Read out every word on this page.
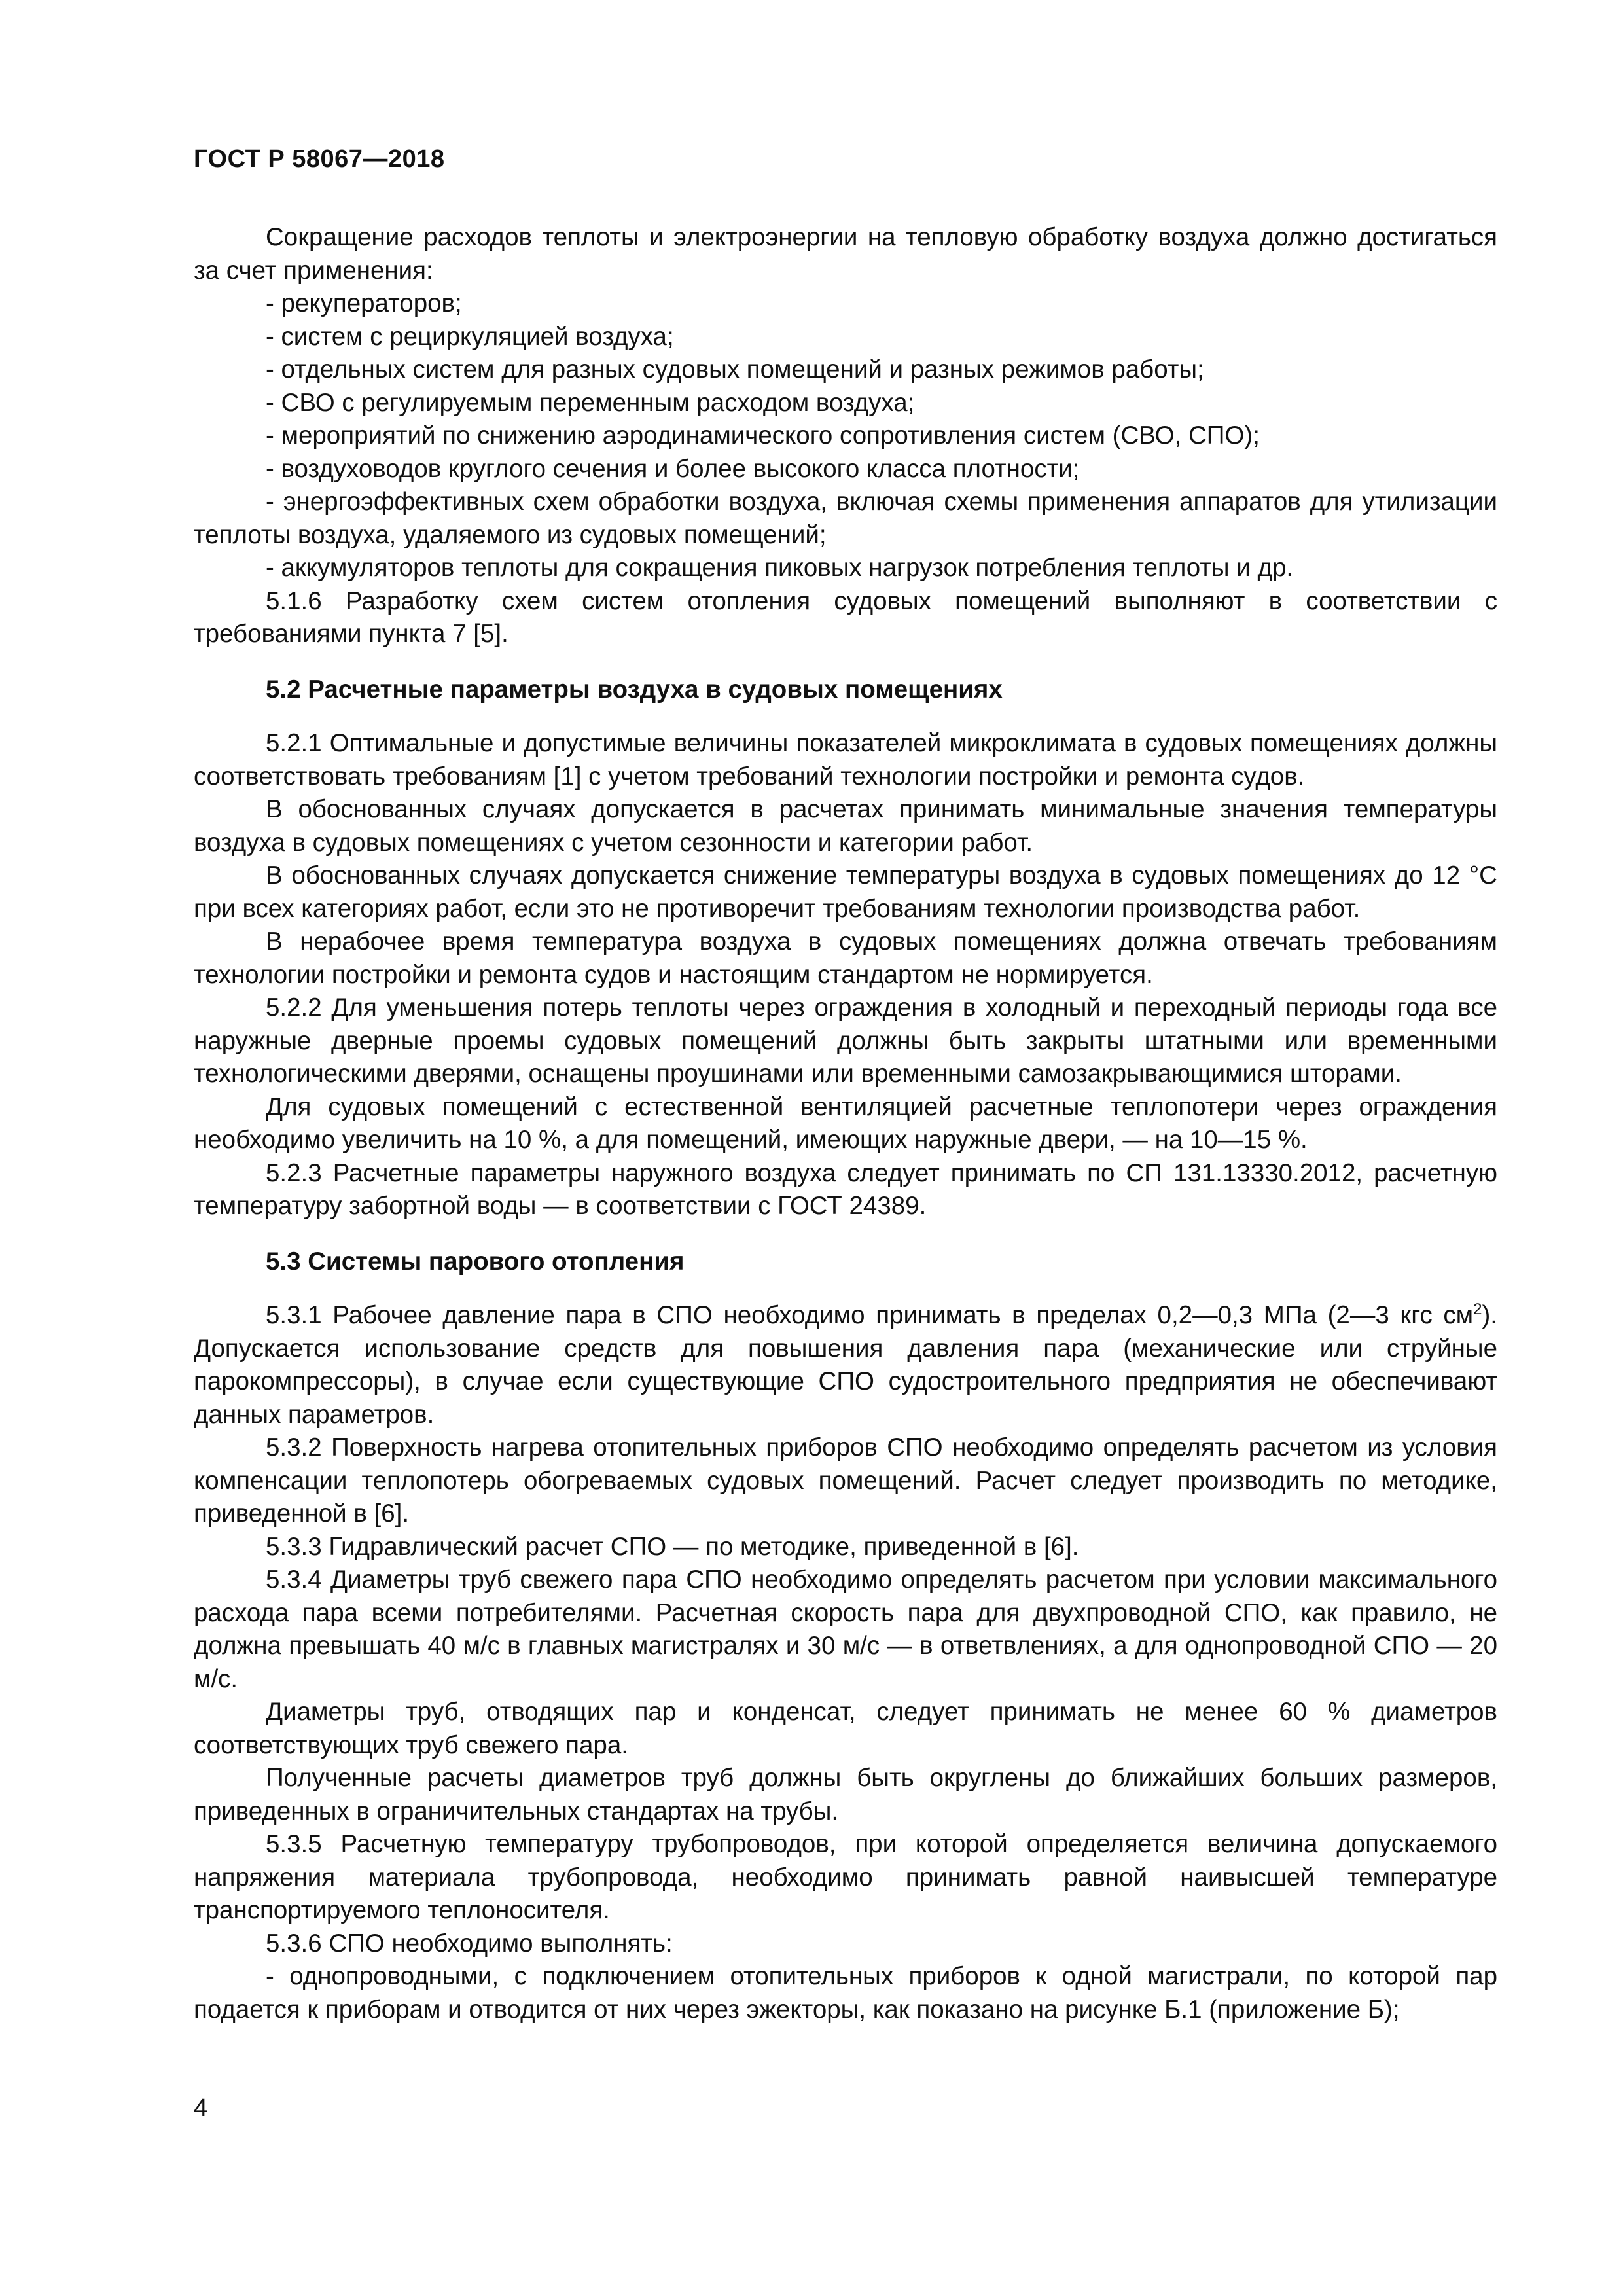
ГОСТ Р 58067—2018

Сокращение расходов теплоты и электроэнергии на тепловую обработку воздуха должно достигаться за счет применения:

- рекуператоров;

- систем с рециркуляцией воздуха;

- отдельных систем для разных судовых помещений и разных режимов работы;

- СВО с регулируемым переменным расходом воздуха;

- мероприятий по снижению аэродинамического сопротивления систем (СВО, СПО);

- воздуховодов круглого сечения и более высокого класса плотности;

- энергоэффективных схем обработки воздуха, включая схемы применения аппаратов для утилизации теплоты воздуха, удаляемого из судовых помещений;

- аккумуляторов теплоты для сокращения пиковых нагрузок потребления теплоты и др.

5.1.6 Разработку схем систем отопления судовых помещений выполняют в соответствии с требованиями пункта 7 [5].

5.2 Расчетные параметры воздуха в судовых помещениях

5.2.1 Оптимальные и допустимые величины показателей микроклимата в судовых помещениях должны соответствовать требованиям [1] с учетом требований технологии постройки и ремонта судов.

В обоснованных случаях допускается в расчетах принимать минимальные значения температуры воздуха в судовых помещениях с учетом сезонности и категории работ.

В обоснованных случаях допускается снижение температуры воздуха в судовых помещениях до 12 °С при всех категориях работ, если это не противоречит требованиям технологии производства работ.

В нерабочее время температура воздуха в судовых помещениях должна отвечать требованиям технологии постройки и ремонта судов и настоящим стандартом не нормируется.

5.2.2 Для уменьшения потерь теплоты через ограждения в холодный и переходный периоды года все наружные дверные проемы судовых помещений должны быть закрыты штатными или временными технологическими дверями, оснащены проушинами или временными самозакрывающимися шторами.

Для судовых помещений с естественной вентиляцией расчетные теплопотери через ограждения необходимо увеличить на 10 %, а для помещений, имеющих наружные двери, — на 10—15 %.

5.2.3 Расчетные параметры наружного воздуха следует принимать по СП 131.13330.2012, расчетную температуру забортной воды — в соответствии с ГОСТ 24389.

5.3 Системы парового отопления

5.3.1 Рабочее давление пара в СПО необходимо принимать в пределах 0,2—0,3 МПа (2—3 кгс $см^2$). Допускается использование средств для повышения давления пара (механические или струйные парокомпрессоры), в случае если существующие СПО судостроительного предприятия не обеспечивают данных параметров.

5.3.2 Поверхность нагрева отопительных приборов СПО необходимо определять расчетом из условия компенсации теплопотерь обогреваемых судовых помещений. Расчет следует производить по методике, приведенной в [6].

5.3.3 Гидравлический расчет СПО — по методике, приведенной в [6].

5.3.4 Диаметры труб свежего пара СПО необходимо определять расчетом при условии максимального расхода пара всеми потребителями. Расчетная скорость пара для двухпроводной СПО, как правило, не должна превышать 40 м/с в главных магистралях и 30 м/с — в ответвлениях, а для однопроводной СПО — 20 м/с.

Диаметры труб, отводящих пар и конденсат, следует принимать не менее 60 % диаметров соответствующих труб свежего пара.

Полученные расчеты диаметров труб должны быть округлены до ближайших больших размеров, приведенных в ограничительных стандартах на трубы.

5.3.5 Расчетную температуру трубопроводов, при которой определяется величина допускаемого напряжения материала трубопровода, необходимо принимать равной наивысшей температуре транспортируемого теплоносителя.

5.3.6 СПО необходимо выполнять:

- однопроводными, с подключением отопительных приборов к одной магистрали, по которой пар подается к приборам и отводится от них через эжекторы, как показано на рисунке Б.1 (приложение Б);

4
